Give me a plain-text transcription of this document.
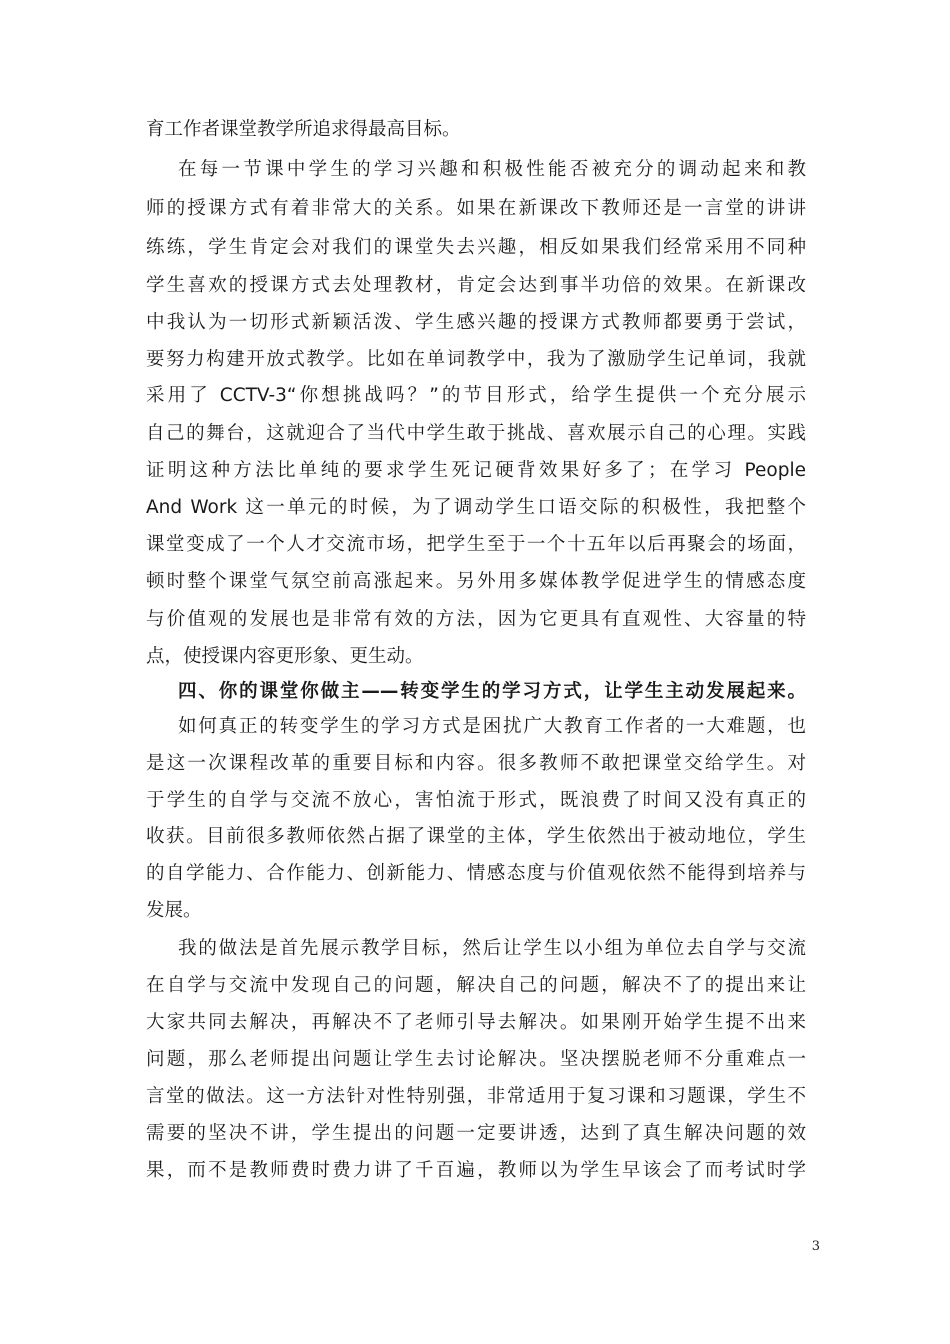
育工作者课堂教学所追求得最高目标。
在每一节课中学生的学习兴趣和积极性能否被充分的调动起来和教
师的授课方式有着非常大的关系。如果在新课改下教师还是一言堂的讲讲
练练，学生肯定会对我们的课堂失去兴趣，相反如果我们经常采用不同种
学生喜欢的授课方式去处理教材，肯定会达到事半功倍的效果。在新课改
中我认为一切形式新颖活泼、学生感兴趣的授课方式教师都要勇于尝试，
要努力构建开放式教学。比如在单词教学中，我为了激励学生记单词，我就
采用了 CCTV-3“你想挑战吗？”的节目形式，给学生提供一个充分展示
自己的舞台，这就迎合了当代中学生敢于挑战、喜欢展示自己的心理。实践
证明这种方法比单纯的要求学生死记硬背效果好多了；在学习 People
And Work 这一单元的时候，为了调动学生口语交际的积极性，我把整个
课堂变成了一个人才交流市场，把学生至于一个十五年以后再聚会的场面，
顿时整个课堂气氛空前高涨起来。另外用多媒体教学促进学生的情感态度
与价值观的发展也是非常有效的方法，因为它更具有直观性、大容量的特
点，使授课内容更形象、更生动。
四、你的课堂你做主——转变学生的学习方式，让学生主动发展起来。
如何真正的转变学生的学习方式是困扰广大教育工作者的一大难题，也
是这一次课程改革的重要目标和内容。很多教师不敢把课堂交给学生。对
于学生的自学与交流不放心，害怕流于形式，既浪费了时间又没有真正的
收获。目前很多教师依然占据了课堂的主体，学生依然出于被动地位，学生
的自学能力、合作能力、创新能力、情感态度与价值观依然不能得到培养与
发展。
我的做法是首先展示教学目标，然后让学生以小组为单位去自学与交流
在自学与交流中发现自己的问题，解决自己的问题，解决不了的提出来让
大家共同去解决，再解决不了老师引导去解决。如果刚开始学生提不出来
问题，那么老师提出问题让学生去讨论解决。坚决摆脱老师不分重难点一
言堂的做法。这一方法针对性特别强，非常适用于复习课和习题课，学生不
需要的坚决不讲，学生提出的问题一定要讲透，达到了真生解决问题的效
果，而不是教师费时费力讲了千百遍，教师以为学生早该会了而考试时学
3
